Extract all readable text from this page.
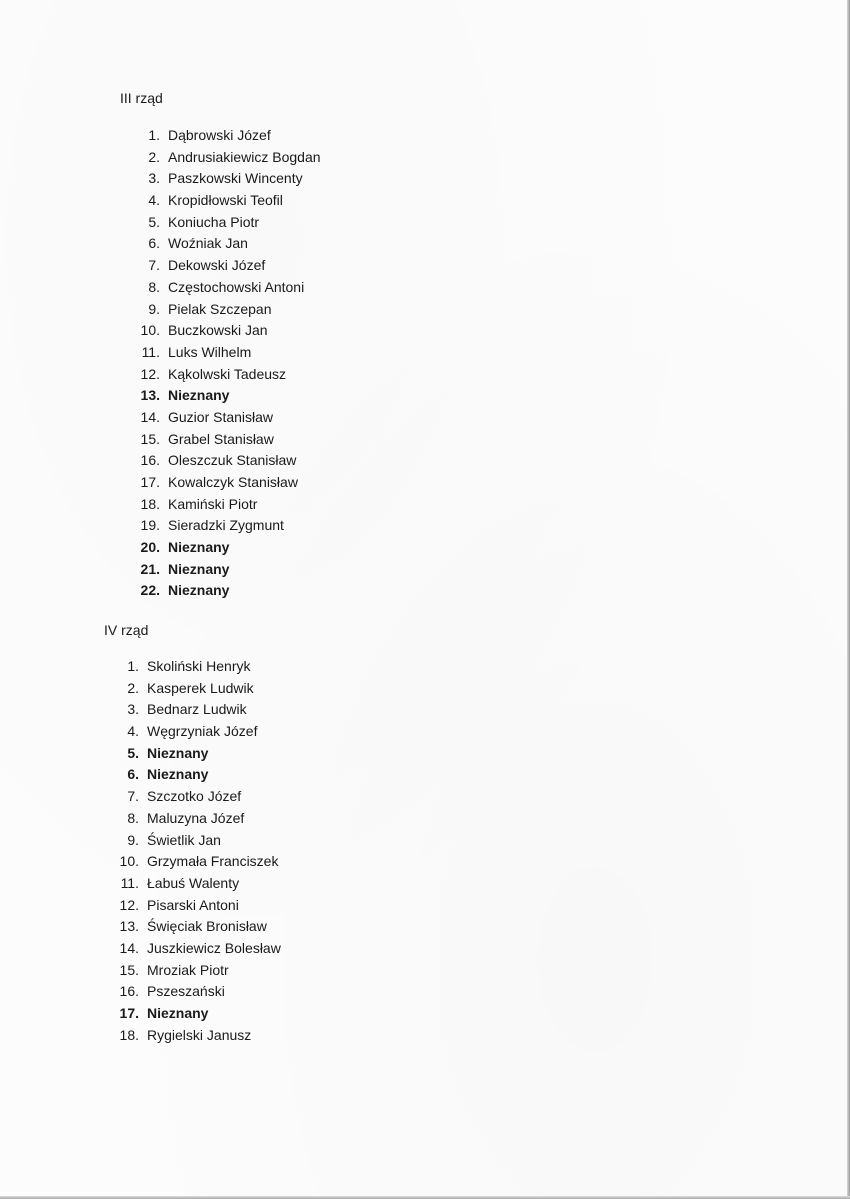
III rząd
1. Dąbrowski Józef
2. Andrusiakiewicz Bogdan
3. Paszkowski Wincenty
4. Kropidłowski Teofil
5. Koniucha Piotr
6. Woźniak Jan
7. Dekowski Józef
8. Częstochowski Antoni
9. Pielak Szczepan
10. Buczkowski Jan
11. Luks Wilhelm
12. Kąkolwski Tadeusz
13. Nieznany
14. Guzior Stanisław
15. Grabel Stanisław
16. Oleszczuk Stanisław
17. Kowalczyk Stanisław
18. Kamiński Piotr
19. Sieradzki Zygmunt
20. Nieznany
21. Nieznany
22. Nieznany
IV rząd
1. Skoliński Henryk
2. Kasperek Ludwik
3. Bednarz Ludwik
4. Węgrzyniak Józef
5. Nieznany
6. Nieznany
7. Szczotko Józef
8. Maluzyna Józef
9. Świetlik Jan
10. Grzymała Franciszek
11. Łabuś Walenty
12. Pisarski Antoni
13. Święciak Bronisław
14. Juszkiewicz Bolesław
15. Mroziak Piotr
16. Pszeszański
17. Nieznany
18. Rygielski Janusz
